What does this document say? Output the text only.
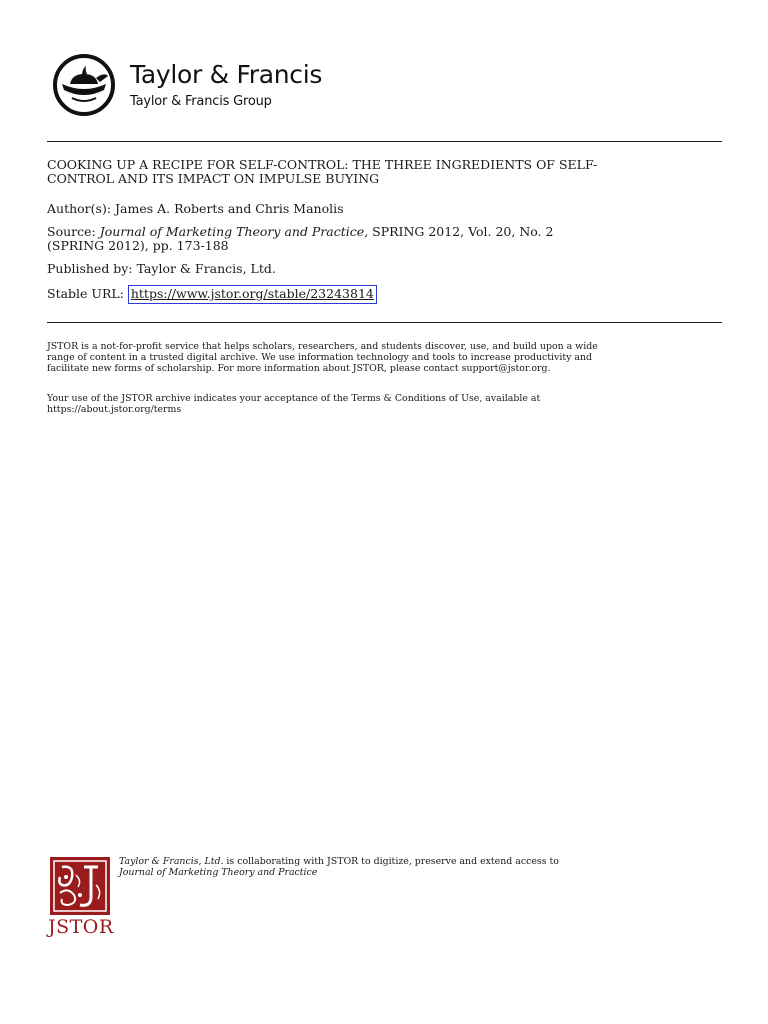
Taylor & Francis
Taylor & Francis Group
COOKING UP A RECIPE FOR SELF-CONTROL: THE THREE INGREDIENTS OF SELF-
CONTROL AND ITS IMPACT ON IMPULSE BUYING
Author(s): James A. Roberts and Chris Manolis
Source: Journal of Marketing Theory and Practice, SPRING 2012, Vol. 20, No. 2
(SPRING 2012), pp. 173-188
Published by: Taylor & Francis, Ltd.
Stable URL: https://www.jstor.org/stable/23243814

JSTOR is a not-for-profit service that helps scholars, researchers, and students discover, use, and build upon a wide
range of content in a trusted digital archive. We use information technology and tools to increase productivity and
facilitate new forms of scholarship. For more information about JSTOR, please contact support@jstor.org.

Your use of the JSTOR archive indicates your acceptance of the Terms & Conditions of Use, available at
https://about.jstor.org/terms

JSTOR
Taylor & Francis, Ltd. is collaborating with JSTOR to digitize, preserve and extend access to
Journal of Marketing Theory and Practice
